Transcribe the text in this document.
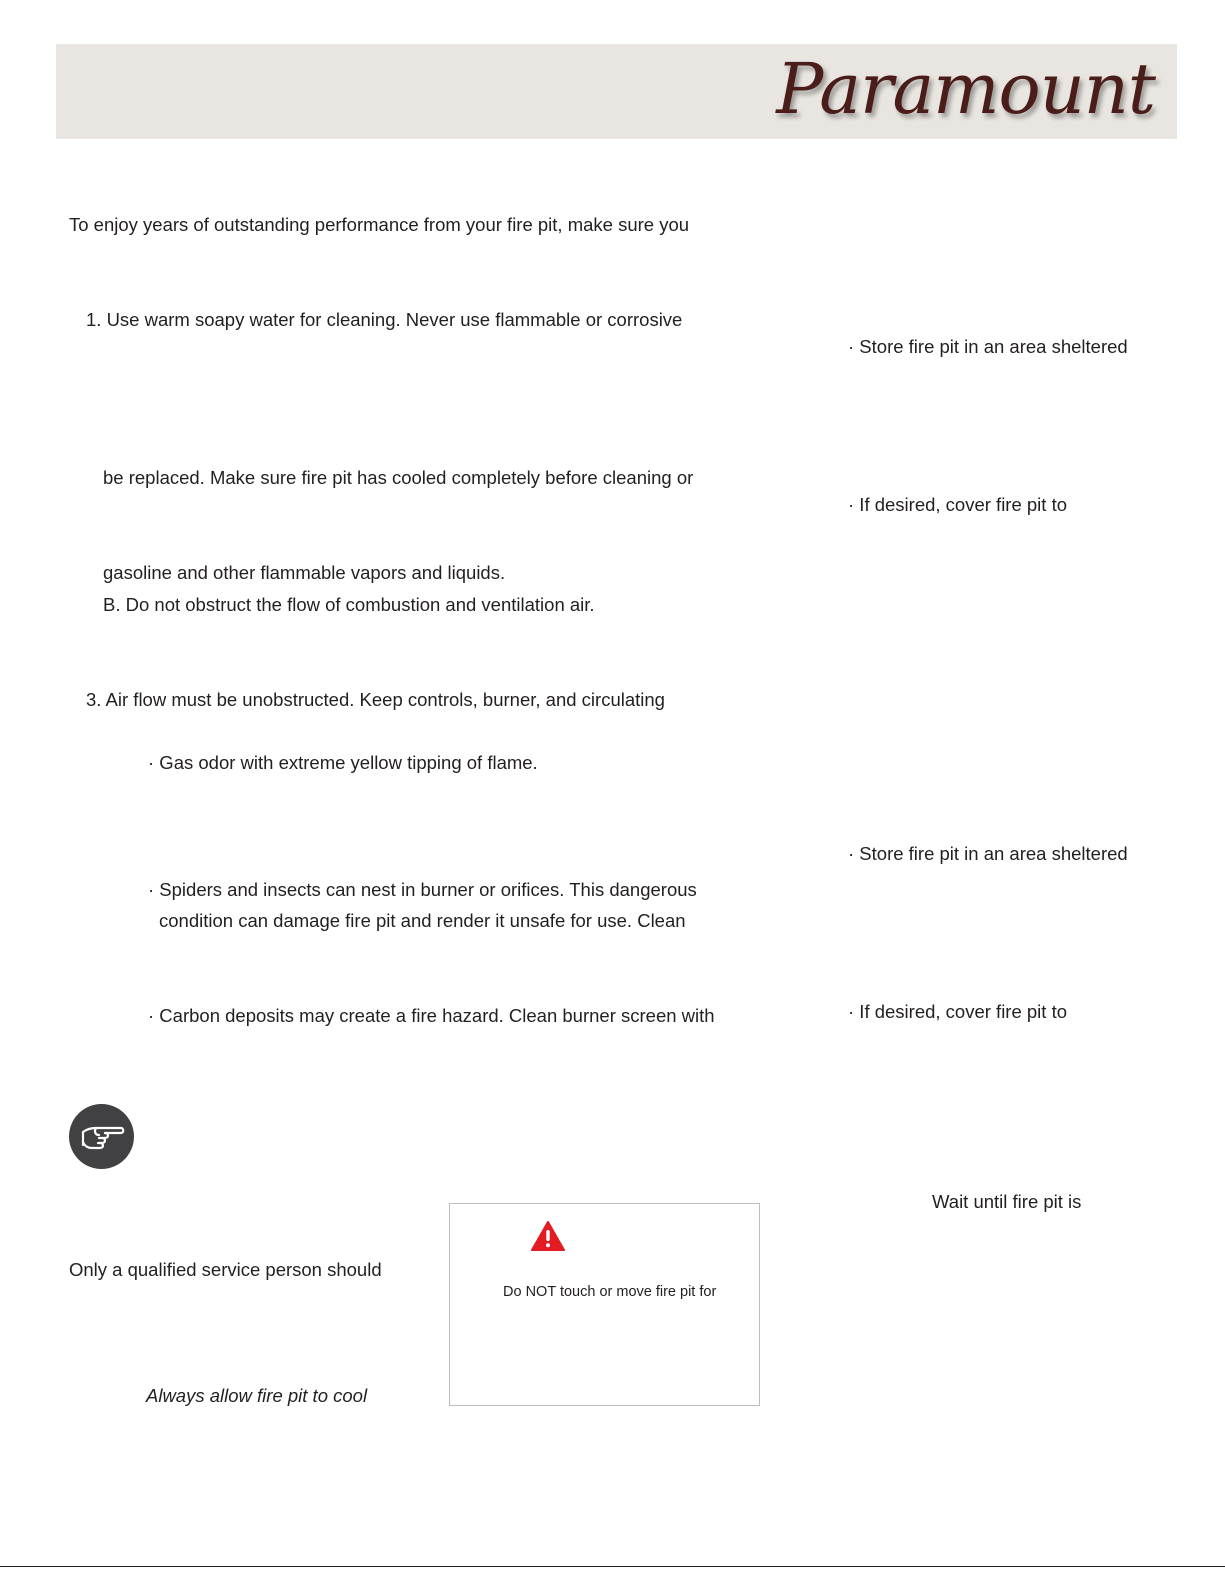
Paramount
To enjoy years of outstanding performance from your fire pit, make sure you
1. Use warm soapy water for cleaning. Never use flammable or corrosive
be replaced. Make sure fire pit has cooled completely before cleaning or
gasoline and other flammable vapors and liquids.
B. Do not obstruct the flow of combustion and ventilation air.
3. Air flow must be unobstructed. Keep controls, burner, and circulating
· Gas odor with extreme yellow tipping of flame.
· Spiders and insects can nest in burner or orifices. This dangerous
condition can damage fire pit and render it unsafe for use. Clean
· Carbon deposits may create a fire hazard. Clean burner screen with
· Store fire pit in an area sheltered
· If desired, cover fire pit to
· Store fire pit in an area sheltered
· If desired, cover fire pit to
Only a qualified service person should
Always allow fire pit to cool
Wait until fire pit is
Do NOT touch or move fire pit for
